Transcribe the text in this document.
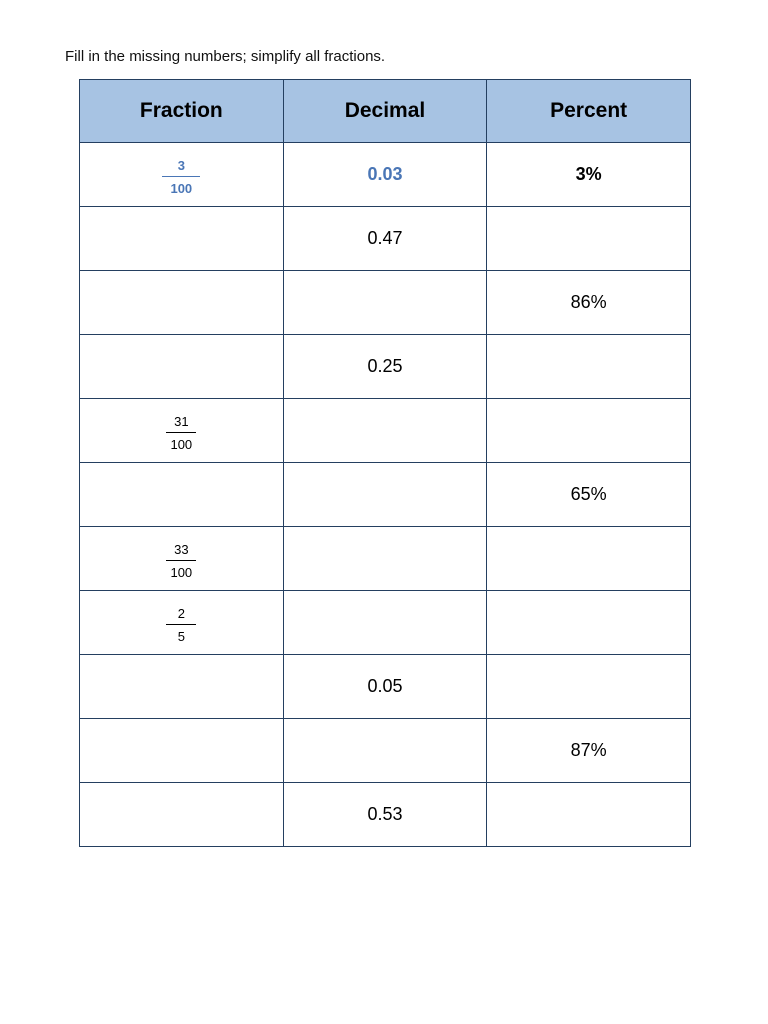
Fill in the missing numbers; simplify all fractions.
Fraction	Decimal	Percent

$\frac{3}{100}$	0.03	3%
	0.47	
		86%
	0.25	

$\frac{31}{100}$

		65%

$\frac{33}{100}$

$\frac{2}{5}$

	0.05	
		87%
	0.53	
